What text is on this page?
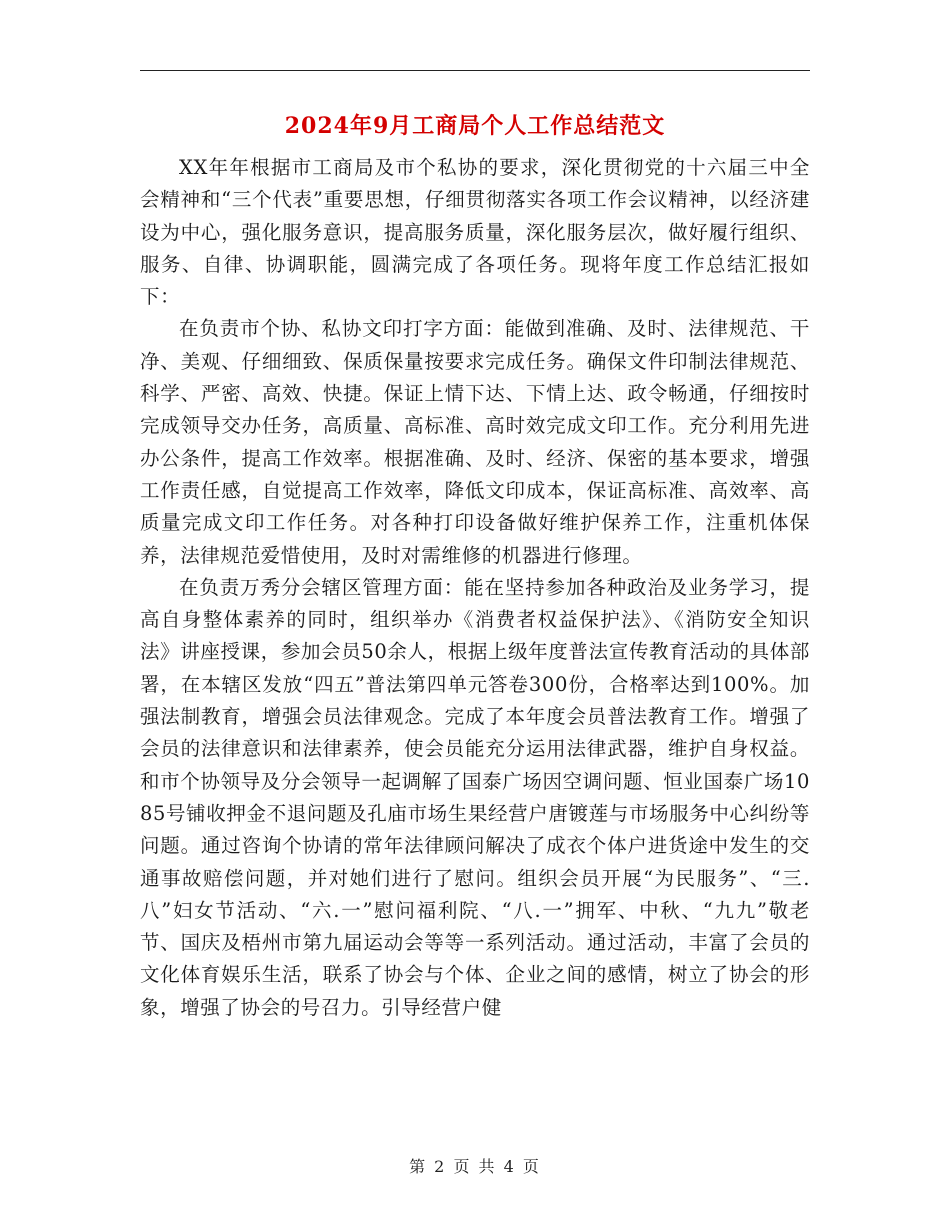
2024年9月工商局个人工作总结范文

XX年年根据市工商局及市个私协的要求，深化贯彻党的十六届三中全会精神和“三个代表”重要思想，仔细贯彻落实各项工作会议精神，以经济建设为中心，强化服务意识，提高服务质量，深化服务层次，做好履行组织、服务、自律、协调职能，圆满完成了各项任务。现将年度工作总结汇报如下：

在负责市个协、私协文印打字方面：能做到准确、及时、法律规范、干净、美观、仔细细致、保质保量按要求完成任务。确保文件印制法律规范、科学、严密、高效、快捷。保证上情下达、下情上达、政令畅通，仔细按时完成领导交办任务，高质量、高标准、高时效完成文印工作。充分利用先进办公条件，提高工作效率。根据准确、及时、经济、保密的基本要求，增强工作责任感，自觉提高工作效率，降低文印成本，保证高标准、高效率、高质量完成文印工作任务。对各种打印设备做好维护保养工作，注重机体保养，法律规范爱惜使用，及时对需维修的机器进行修理。

在负责万秀分会辖区管理方面：能在坚持参加各种政治及业务学习，提高自身整体素养的同时，组织举办《消费者权益保护法》、《消防安全知识法》讲座授课，参加会员50余人，根据上级年度普法宣传教育活动的具体部署，在本辖区发放“四五”普法第四单元答卷300份，合格率达到100%。加强法制教育，增强会员法律观念。完成了本年度会员普法教育工作。增强了会员的法律意识和法律素养，使会员能充分运用法律武器，维护自身权益。和市个协领导及分会领导一起调解了国泰广场因空调问题、恒业国泰广场1085号铺收押金不退问题及孔庙市场生果经营户唐镀莲与市场服务中心纠纷等问题。通过咨询个协请的常年法律顾问解决了成衣个体户进货途中发生的交通事故赔偿问题，并对她们进行了慰问。组织会员开展“为民服务”、“三.八”妇女节活动、“六.一”慰问福利院、“八.一”拥军、中秋、“九九”敬老节、国庆及梧州市第九届运动会等等一系列活动。通过活动，丰富了会员的文化体育娱乐生活，联系了协会与个体、企业之间的感情，树立了协会的形象，增强了协会的号召力。引导经营户健

第 2 页 共 4 页
